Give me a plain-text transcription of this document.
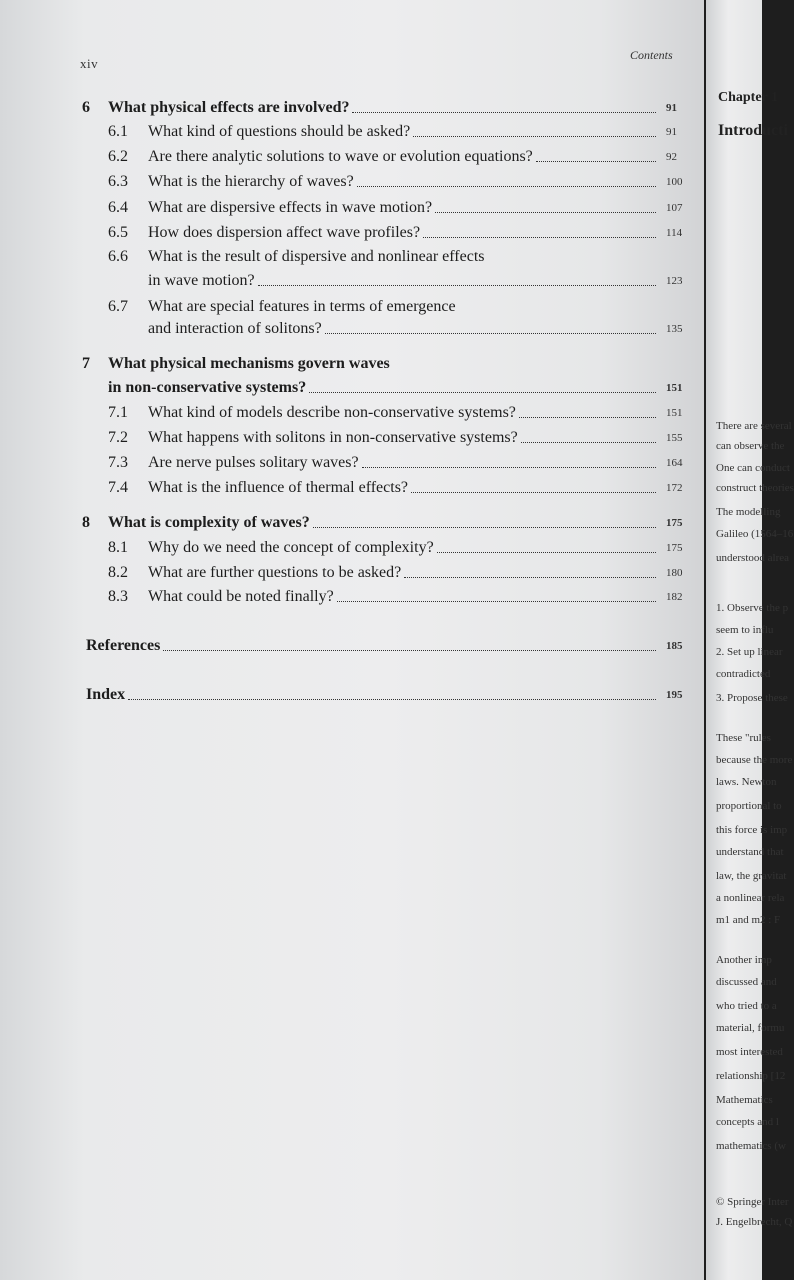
xiv
Contents
6 What physical effects are involved?	91
6.1 What kind of questions should be asked?	91
6.2 Are there analytic solutions to wave or evolution equations?	92
6.3 What is the hierarchy of waves?	100
6.4 What are dispersive effects in wave motion?	107
6.5 How does dispersion affect wave profiles?	114
6.6 What is the result of dispersive and nonlinear effects
in wave motion?	123
6.7 What are special features in terms of emergence
and interaction of solitons?	135
7 What physical mechanisms govern waves
in non-conservative systems?	151
7.1 What kind of models describe non-conservative systems?	151
7.2 What happens with solitons in non-conservative systems?	155
7.3 Are nerve pulses solitary waves?	164
7.4 What is the influence of thermal effects?	172
8 What is complexity of waves?	175
8.1 Why do we need the concept of complexity?	175
8.2 What are further questions to be asked?	180
8.3 What could be noted finally?	182
References	185
Index	195
Chapter 1
Introducti
There are several
can observe the
One can conduct
construct theories
The modelling
Galileo (1564–16
understood alrea
1. Observe the p
seem to influ
2. Set up linear
contradicted
3. Propose these
These "rules
because the more
laws. Newton
proportional to
this force is imp
understand that
law, the gravitat
a nonlinear rela
m1 and m2 : F
Another imp
discussed and
who tried to a
material, formu
most interested
relationship [12
Mathematics
concepts and l
mathematics (w
© Springer Inter
J. Engelbrecht, Q
